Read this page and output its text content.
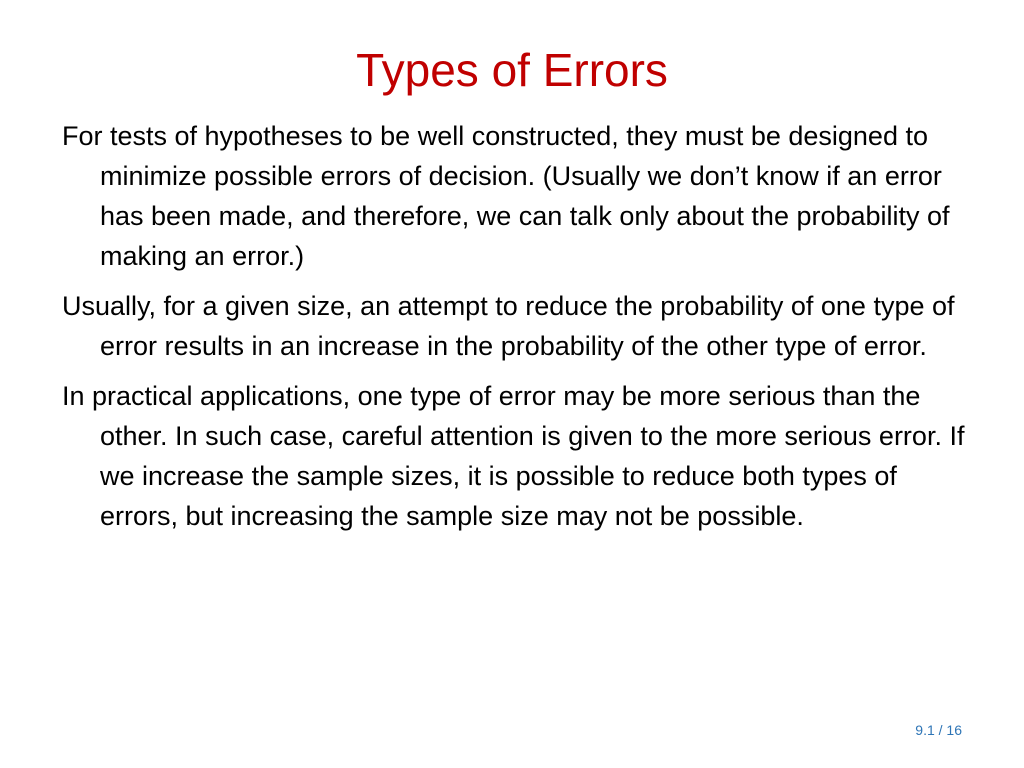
Types of Errors
For tests of hypotheses to be well constructed, they must be designed to minimize possible errors of decision. (Usually we don’t know if an error has been made, and therefore, we can talk only about the probability of making an error.)
Usually, for a given size, an attempt to reduce the probability of one type of error results in an increase in the probability of the other type of error.
In practical applications, one type of error may be more serious than the other. In such case, careful attention is given to the more serious error. If we increase the sample sizes, it is possible to reduce both types of errors, but increasing the sample size may not be possible.
9.1 / 16
